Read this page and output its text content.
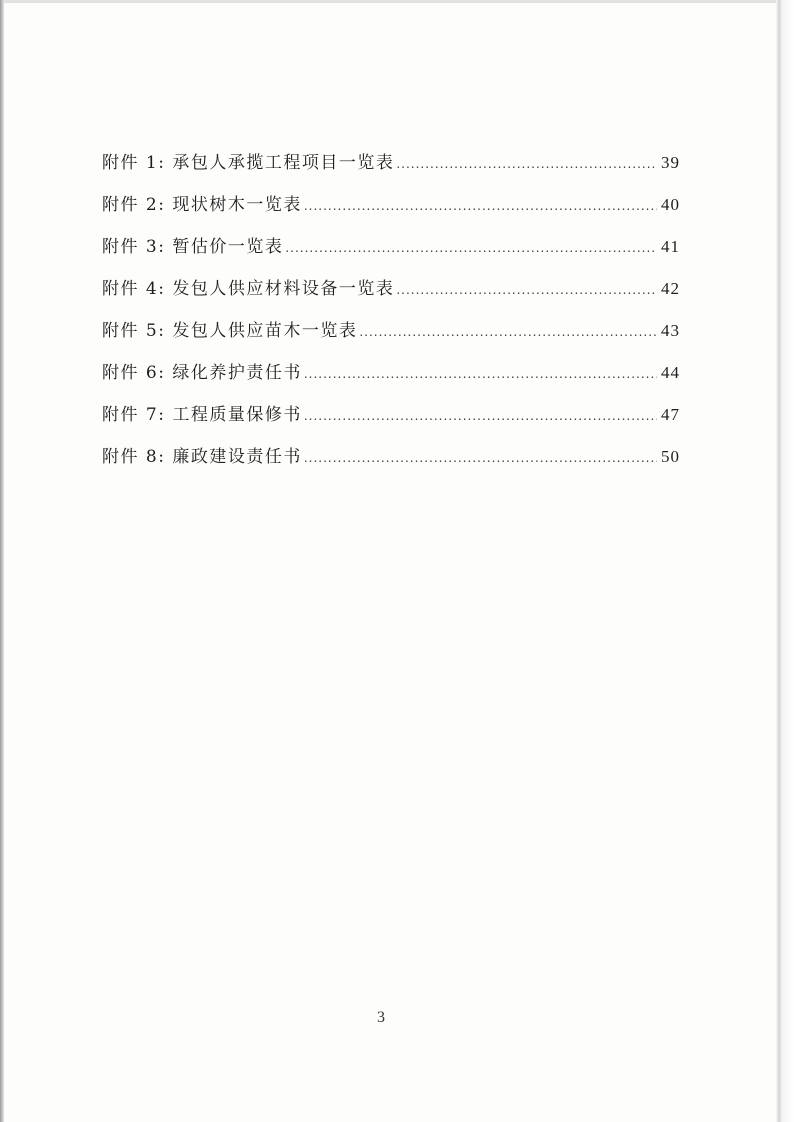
附件 1: 承包人承揽工程项目一览表 .....	39
附件 2: 现状树木一览表 .....	40
附件 3: 暂估价一览表 .....	41
附件 4: 发包人供应材料设备一览表 .....	42
附件 5: 发包人供应苗木一览表 .....	43
附件 6: 绿化养护责任书 .....	44
附件 7: 工程质量保修书 .....	47
附件 8: 廉政建设责任书 .....	50
3
